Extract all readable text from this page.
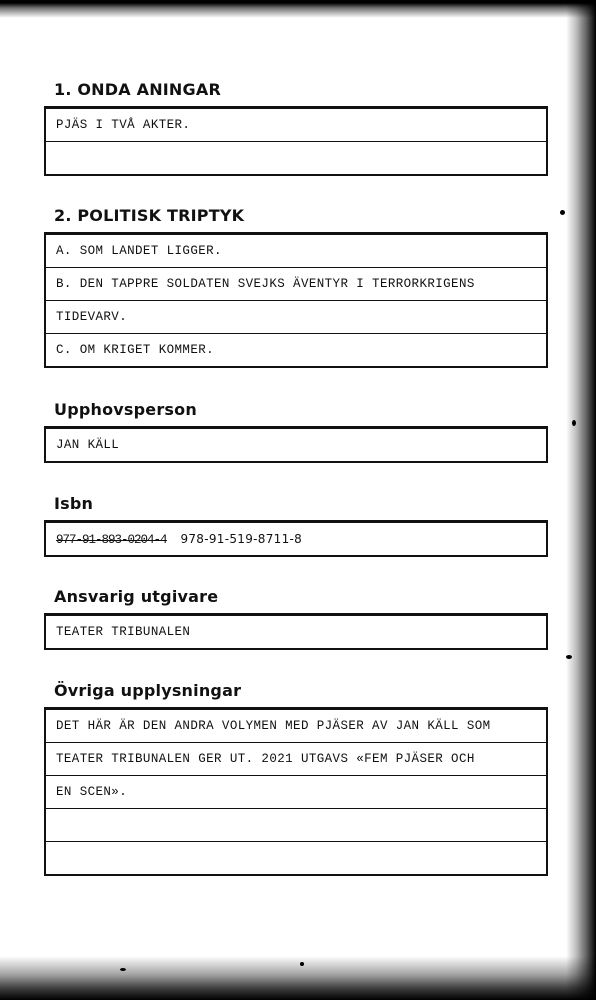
1. ONDA ANINGAR
PJÄS I TVÅ AKTER.
2. POLITISK TRIPTYK
A. SOM LANDET LIGGER.
B. DEN TAPPRE SOLDATEN SVEJKS ÄVENTYR I TERRORKRIGENS
TIDEVARV.
C. OM KRIGET KOMMER.
Upphovsperson
JAN KÄLL
Isbn
977-91-893-0204-4 978-91-519-8711-8
Ansvarig utgivare
TEATER TRIBUNALEN
Övriga upplysningar
DET HÄR ÄR DEN ANDRA VOLYMEN MED PJÄSER AV JAN KÄLL SOM
TEATER TRIBUNALEN GER UT. 2021 UTGAVS «FEM PJÄSER OCH
EN SCEN».
